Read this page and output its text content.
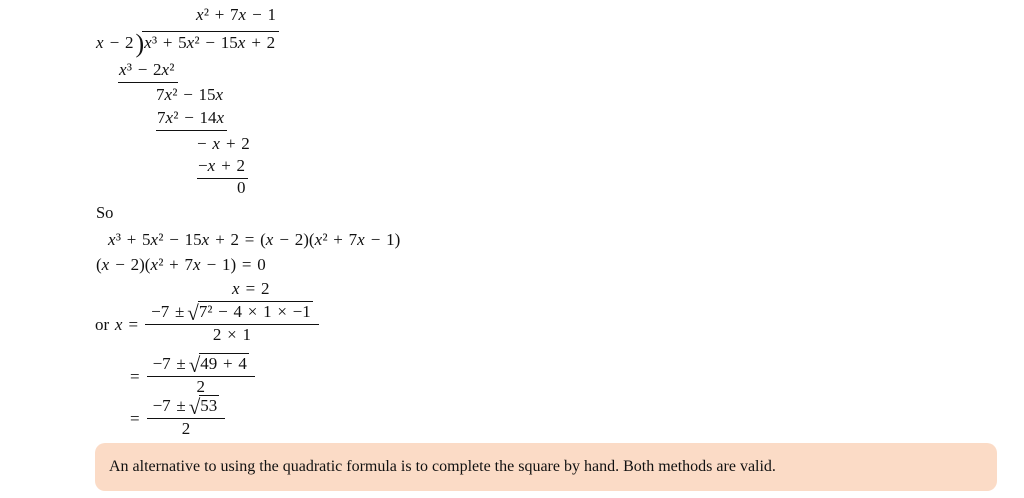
x² + 7x − 1
x − 2)x³ + 5x² − 15x + 2
x³ − 2x²
7x² − 15x
7x² − 14x
− x + 2
−x + 2
0
So
x³ + 5x² − 15x + 2 = (x − 2)(x² + 7x − 1)
(x − 2)(x² + 7x − 1) = 0
x = 2
or $x = \frac{\text{−7 ± √7² − 4 × 1 × −1}}{2 \times 1}$
= $\frac{-7 \pm √49 + 4}{2}$
= $\frac{-7 \pm √53}{2}$
An alternative to using the quadratic formula is to complete the square by hand. Both methods are valid.
